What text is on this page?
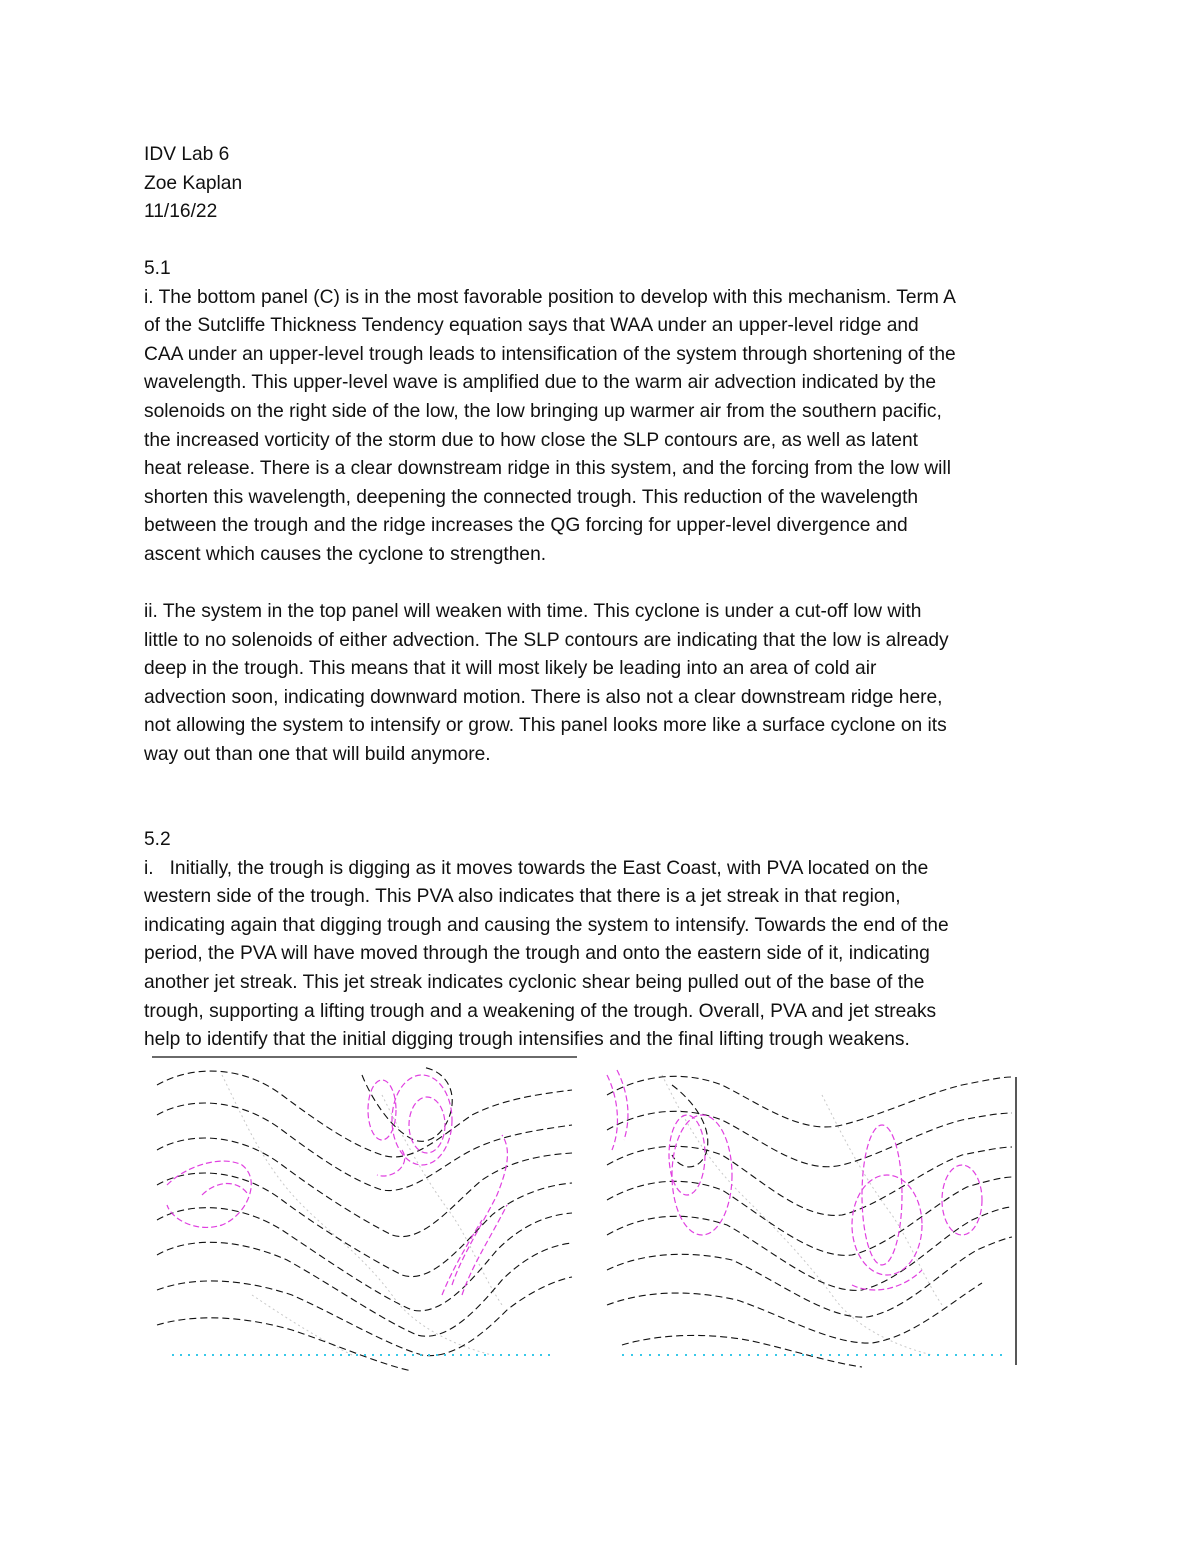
IDV Lab 6
Zoe Kaplan
11/16/22
5.1
i. The bottom panel (C) is in the most favorable position to develop with this mechanism. Term A
of the Sutcliffe Thickness Tendency equation says that WAA under an upper-level ridge and
CAA under an upper-level trough leads to intensification of the system through shortening of the
wavelength. This upper-level wave is amplified due to the warm air advection indicated by the
solenoids on the right side of the low, the low bringing up warmer air from the southern pacific,
the increased vorticity of the storm due to how close the SLP contours are, as well as latent
heat release. There is a clear downstream ridge in this system, and the forcing from the low will
shorten this wavelength, deepening the connected trough. This reduction of the wavelength
between the trough and the ridge increases the QG forcing for upper-level divergence and
ascent which causes the cyclone to strengthen.
ii. The system in the top panel will weaken with time. This cyclone is under a cut-off low with
little to no solenoids of either advection. The SLP contours are indicating that the low is already
deep in the trough. This means that it will most likely be leading into an area of cold air
advection soon, indicating downward motion. There is also not a clear downstream ridge here,
not allowing the system to intensify or grow. This panel looks more like a surface cyclone on its
way out than one that will build anymore.
5.2
i.   Initially, the trough is digging as it moves towards the East Coast, with PVA located on the
western side of the trough. This PVA also indicates that there is a jet streak in that region,
indicating again that digging trough and causing the system to intensify. Towards the end of the
period, the PVA will have moved through the trough and onto the eastern side of it, indicating
another jet streak. This jet streak indicates cyclonic shear being pulled out of the base of the
trough, supporting a lifting trough and a weakening of the trough. Overall, PVA and jet streaks
help to identify that the initial digging trough intensifies and the final lifting trough weakens.
